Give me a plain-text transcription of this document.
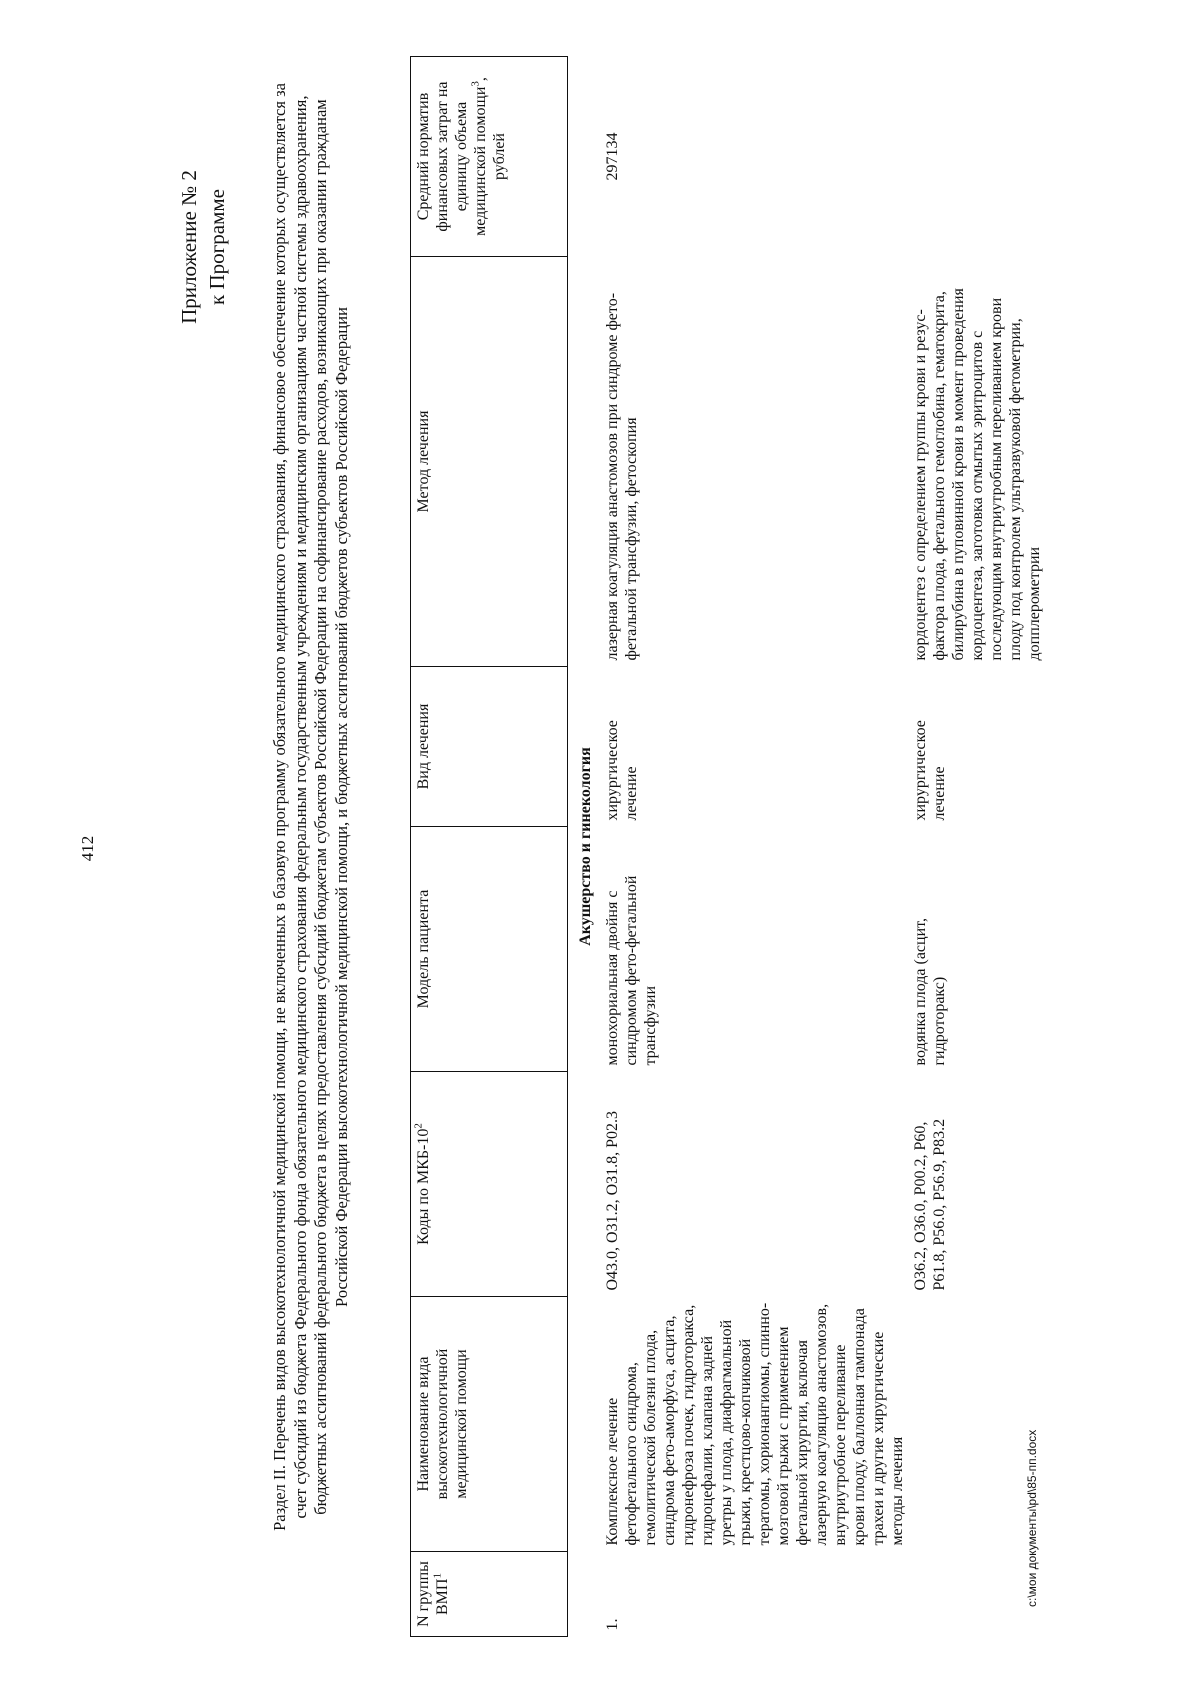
412
Приложение № 2 к Программе Раздел II. Перечень видов высокотехнологичной медицинской помощи, не включенных в базовую программу обязательного медицинского страхования, финансовое обеспечение которых осуществляется за счет субсидий из бюджета Федерального фонда обязательного медицинского страхования федеральным государственным учреждениям и медицинским организациям частной системы здравоохранения, бюджетных ассигнований федерального бюджета в целях предоставления субсидий бюджетам субъектов Российской Федерации на софинансирование расходов, возникающих при оказании гражданам Российской Федерации высокотехнологичной медицинской помощи, и бюджетных ассигнований бюджетов субъектов Российской Федерации
N группы ВМП$^1$	Наименование вида высокотехнологичной медицинской помощи	Коды по МКБ-$10^2$	Модель пациента	Вид лечения	Метод лечения	Средний норматив финансовых затрат на единицу объема медицинской помощи$^3$, рублей
Акушерство и гинекология						
1.	Комплексное лечение фетофетального синдрома, гемолитической болезни плода, синдрома фето-аморфуса, асцита, гидронефроза почек, гидроторакса, гидроцефалии, клапана задней уретры у плода, диафрагмальной грыжи, крестцово-копчиковой тератомы, хорионангиомы, спинно-мозговой грыжи с применением фетальной хирургии, включая лазерную коагуляцию анастомозов, внутриутробное переливание крови плоду, баллонная тампонада трахеи и другие хирургические методы лечения	O43.0, O31.2, O31.8, P02.3	монохориальная двойня с синдромом фето-фетальной трансфузии	хирургическое лечение	лазерная коагуляция анастомозов при синдроме фето-фетальной трансфузии, фетоскопия	297134
		O36.2, O36.0, P00.2, P60, P61.8, P56.0, P56.9, P83.2	водянка плода (асцит, гидроторакс)	хирургическое лечение	кордоцентез с определением группы крови и резус-фактора плода, фетального гемоглобина, гематокрита, билирубина в пуповинной крови в момент проведения кордоцентеза, заготовка отмытых эритроцитов с последующим внутриутробным переливанием крови плоду под контролем ультразвуковой фетометрии, допплерометрии	
c:\мои документы\pd\85-пп.docx
